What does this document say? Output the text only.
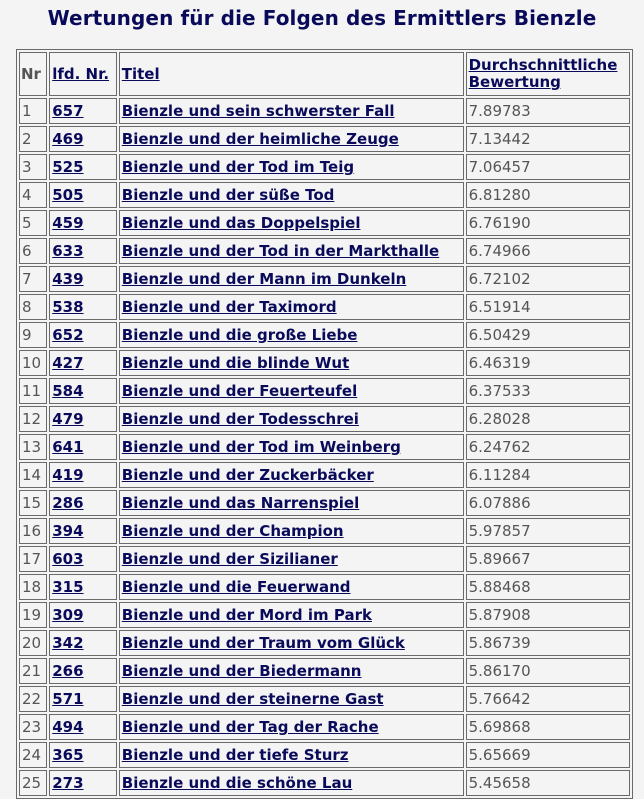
Wertungen für die Folgen des Ermittlers Bienzle
Nr	lfd. Nr.	Titel	Durchschnittliche
Bewertung
1	657	Bienzle und sein schwerster Fall	7.89783
2	469	Bienzle und der heimliche Zeuge	7.13442
3	525	Bienzle und der Tod im Teig	7.06457
4	505	Bienzle und der süße Tod	6.81280
5	459	Bienzle und das Doppelspiel	6.76190
6	633	Bienzle und der Tod in der Markthalle	6.74966
7	439	Bienzle und der Mann im Dunkeln	6.72102
8	538	Bienzle und der Taximord	6.51914
9	652	Bienzle und die große Liebe	6.50429
10	427	Bienzle und die blinde Wut	6.46319
11	584	Bienzle und der Feuerteufel	6.37533
12	479	Bienzle und der Todesschrei	6.28028
13	641	Bienzle und der Tod im Weinberg	6.24762
14	419	Bienzle und der Zuckerbäcker	6.11284
15	286	Bienzle und das Narrenspiel	6.07886
16	394	Bienzle und der Champion	5.97857
17	603	Bienzle und der Sizilianer	5.89667
18	315	Bienzle und die Feuerwand	5.88468
19	309	Bienzle und der Mord im Park	5.87908
20	342	Bienzle und der Traum vom Glück	5.86739
21	266	Bienzle und der Biedermann	5.86170
22	571	Bienzle und der steinerne Gast	5.76642
23	494	Bienzle und der Tag der Rache	5.69868
24	365	Bienzle und der tiefe Sturz	5.65669
25	273	Bienzle und die schöne Lau	5.45658
